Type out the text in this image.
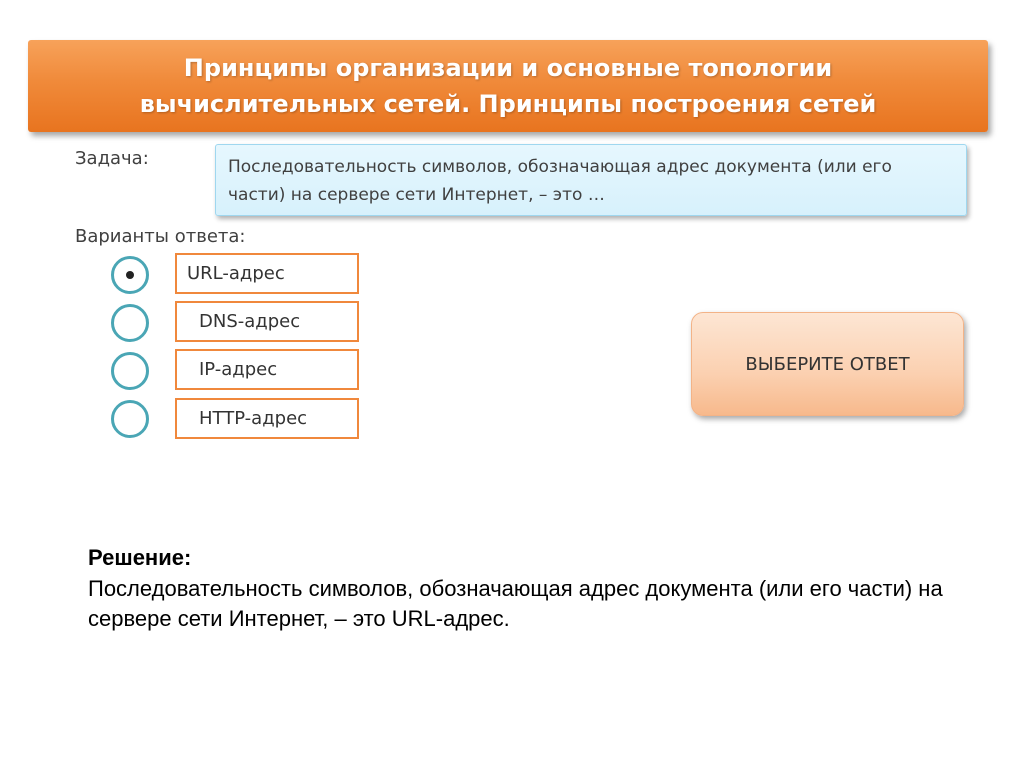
Принципы организации и основные топологии
вычислительных сетей. Принципы построения сетей
Задача:	Последовательность символов, обозначающая адрес документа (или его части) на сервере сети Интернет, – это …
Варианты ответа:
URL-адрес
DNS-адрес
IP-адрес
HTTP-адрес
ВЫБЕРИТЕ ОТВЕТ
Решение:
Последовательность символов, обозначающая адрес документа (или его части) на сервере сети Интернет, – это URL-адрес.
